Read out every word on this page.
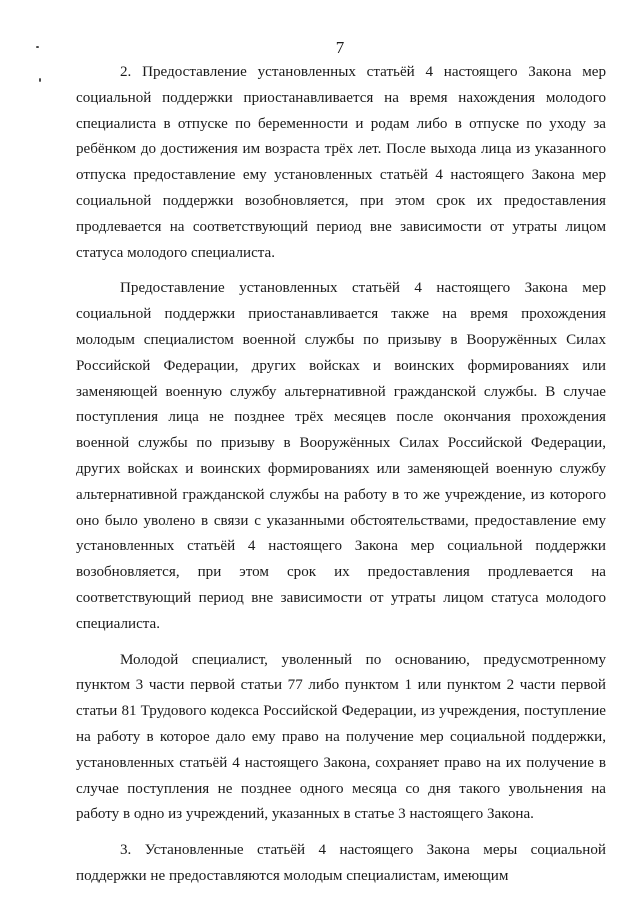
7

2. Предоставление установленных статьёй 4 настоящего Закона мер социальной поддержки приостанавливается на время нахождения молодого специалиста в отпуске по беременности и родам либо в отпуске по уходу за ребёнком до достижения им возраста трёх лет. После выхода лица из указанного отпуска предоставление ему установленных статьёй 4 настоящего Закона мер социальной поддержки возобновляется, при этом срок их предоставления продлевается на соответствующий период вне зависимости от утраты лицом статуса молодого специалиста.

Предоставление установленных статьёй 4 настоящего Закона мер социальной поддержки приостанавливается также на время прохождения молодым специалистом военной службы по призыву в Вооружённых Силах Российской Федерации, других войсках и воинских формированиях или заменяющей военную службу альтернативной гражданской службы. В случае поступления лица не позднее трёх месяцев после окончания прохождения военной службы по призыву в Вооружённых Силах Российской Федерации, других войсках и воинских формированиях или заменяющей военную службу альтернативной гражданской службы на работу в то же учреждение, из которого оно было уволено в связи с указанными обстоятельствами, предоставление ему установленных статьёй 4 настоящего Закона мер социальной поддержки возобновляется, при этом срок их предоставления продлевается на соответствующий период вне зависимости от утраты лицом статуса молодого специалиста.

Молодой специалист, уволенный по основанию, предусмотренному пунктом 3 части первой статьи 77 либо пунктом 1 или пунктом 2 части первой статьи 81 Трудового кодекса Российской Федерации, из учреждения, поступление на работу в которое дало ему право на получение мер социальной поддержки, установленных статьёй 4 настоящего Закона, сохраняет право на их получение в случае поступления не позднее одного месяца со дня такого увольнения на работу в одно из учреждений, указанных в статье 3 настоящего Закона.

3. Установленные статьёй 4 настоящего Закона меры социальной поддержки не предоставляются молодым специалистам, имеющим
